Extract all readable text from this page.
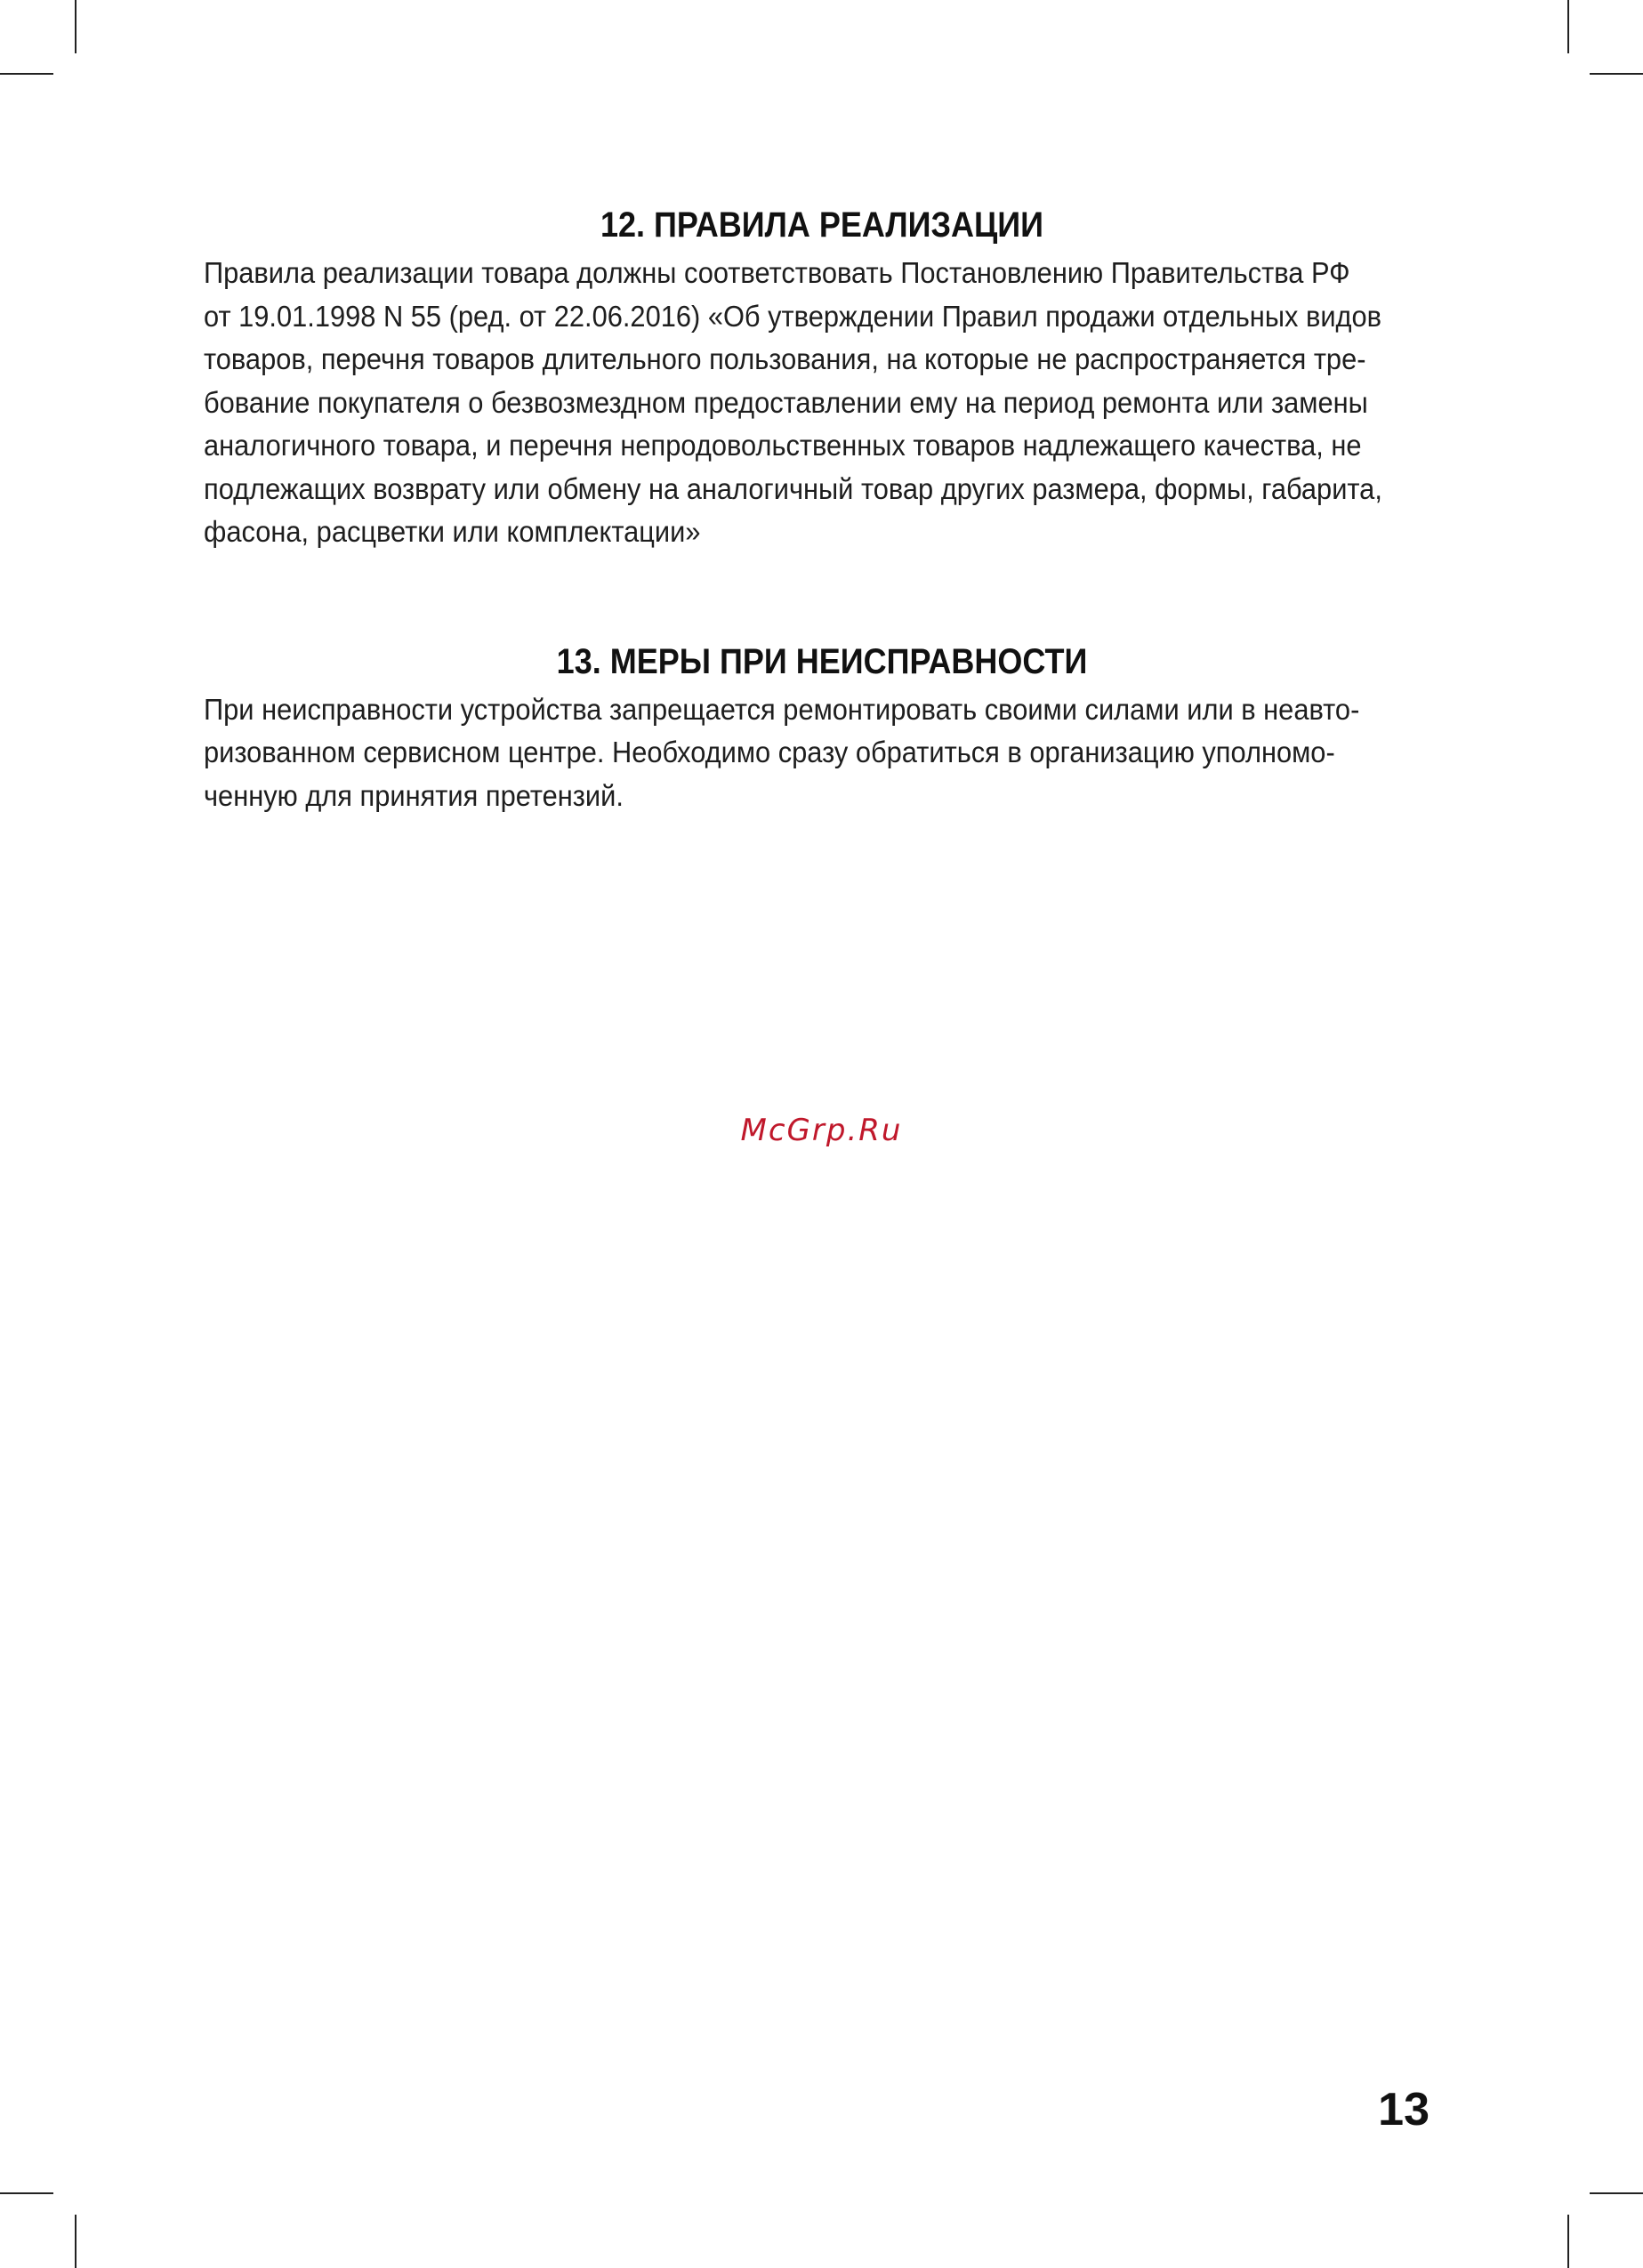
12. ПРАВИЛА РЕАЛИЗАЦИИ

Правила реализации товара должны соответствовать Постановлению Правительства РФ
от 19.01.1998 N 55 (ред. от 22.06.2016) «Об утверждении Правил продажи отдельных видов
товаров, перечня товаров длительного пользования, на которые не распространяется тре-
бование покупателя о безвозмездном предоставлении ему на период ремонта или замены
аналогичного товара, и перечня непродовольственных товаров надлежащего качества, не
подлежащих возврату или обмену на аналогичный товар других размера, формы, габарита,
фасона, расцветки или комплектации»

13. МЕРЫ ПРИ НЕИСПРАВНОСТИ

При неисправности устройства запрещается ремонтировать своими силами или в неавто-
ризованном сервисном центре. Необходимо сразу обратиться в организацию уполномо-
ченную для принятия претензий.

McGrp.Ru
13
